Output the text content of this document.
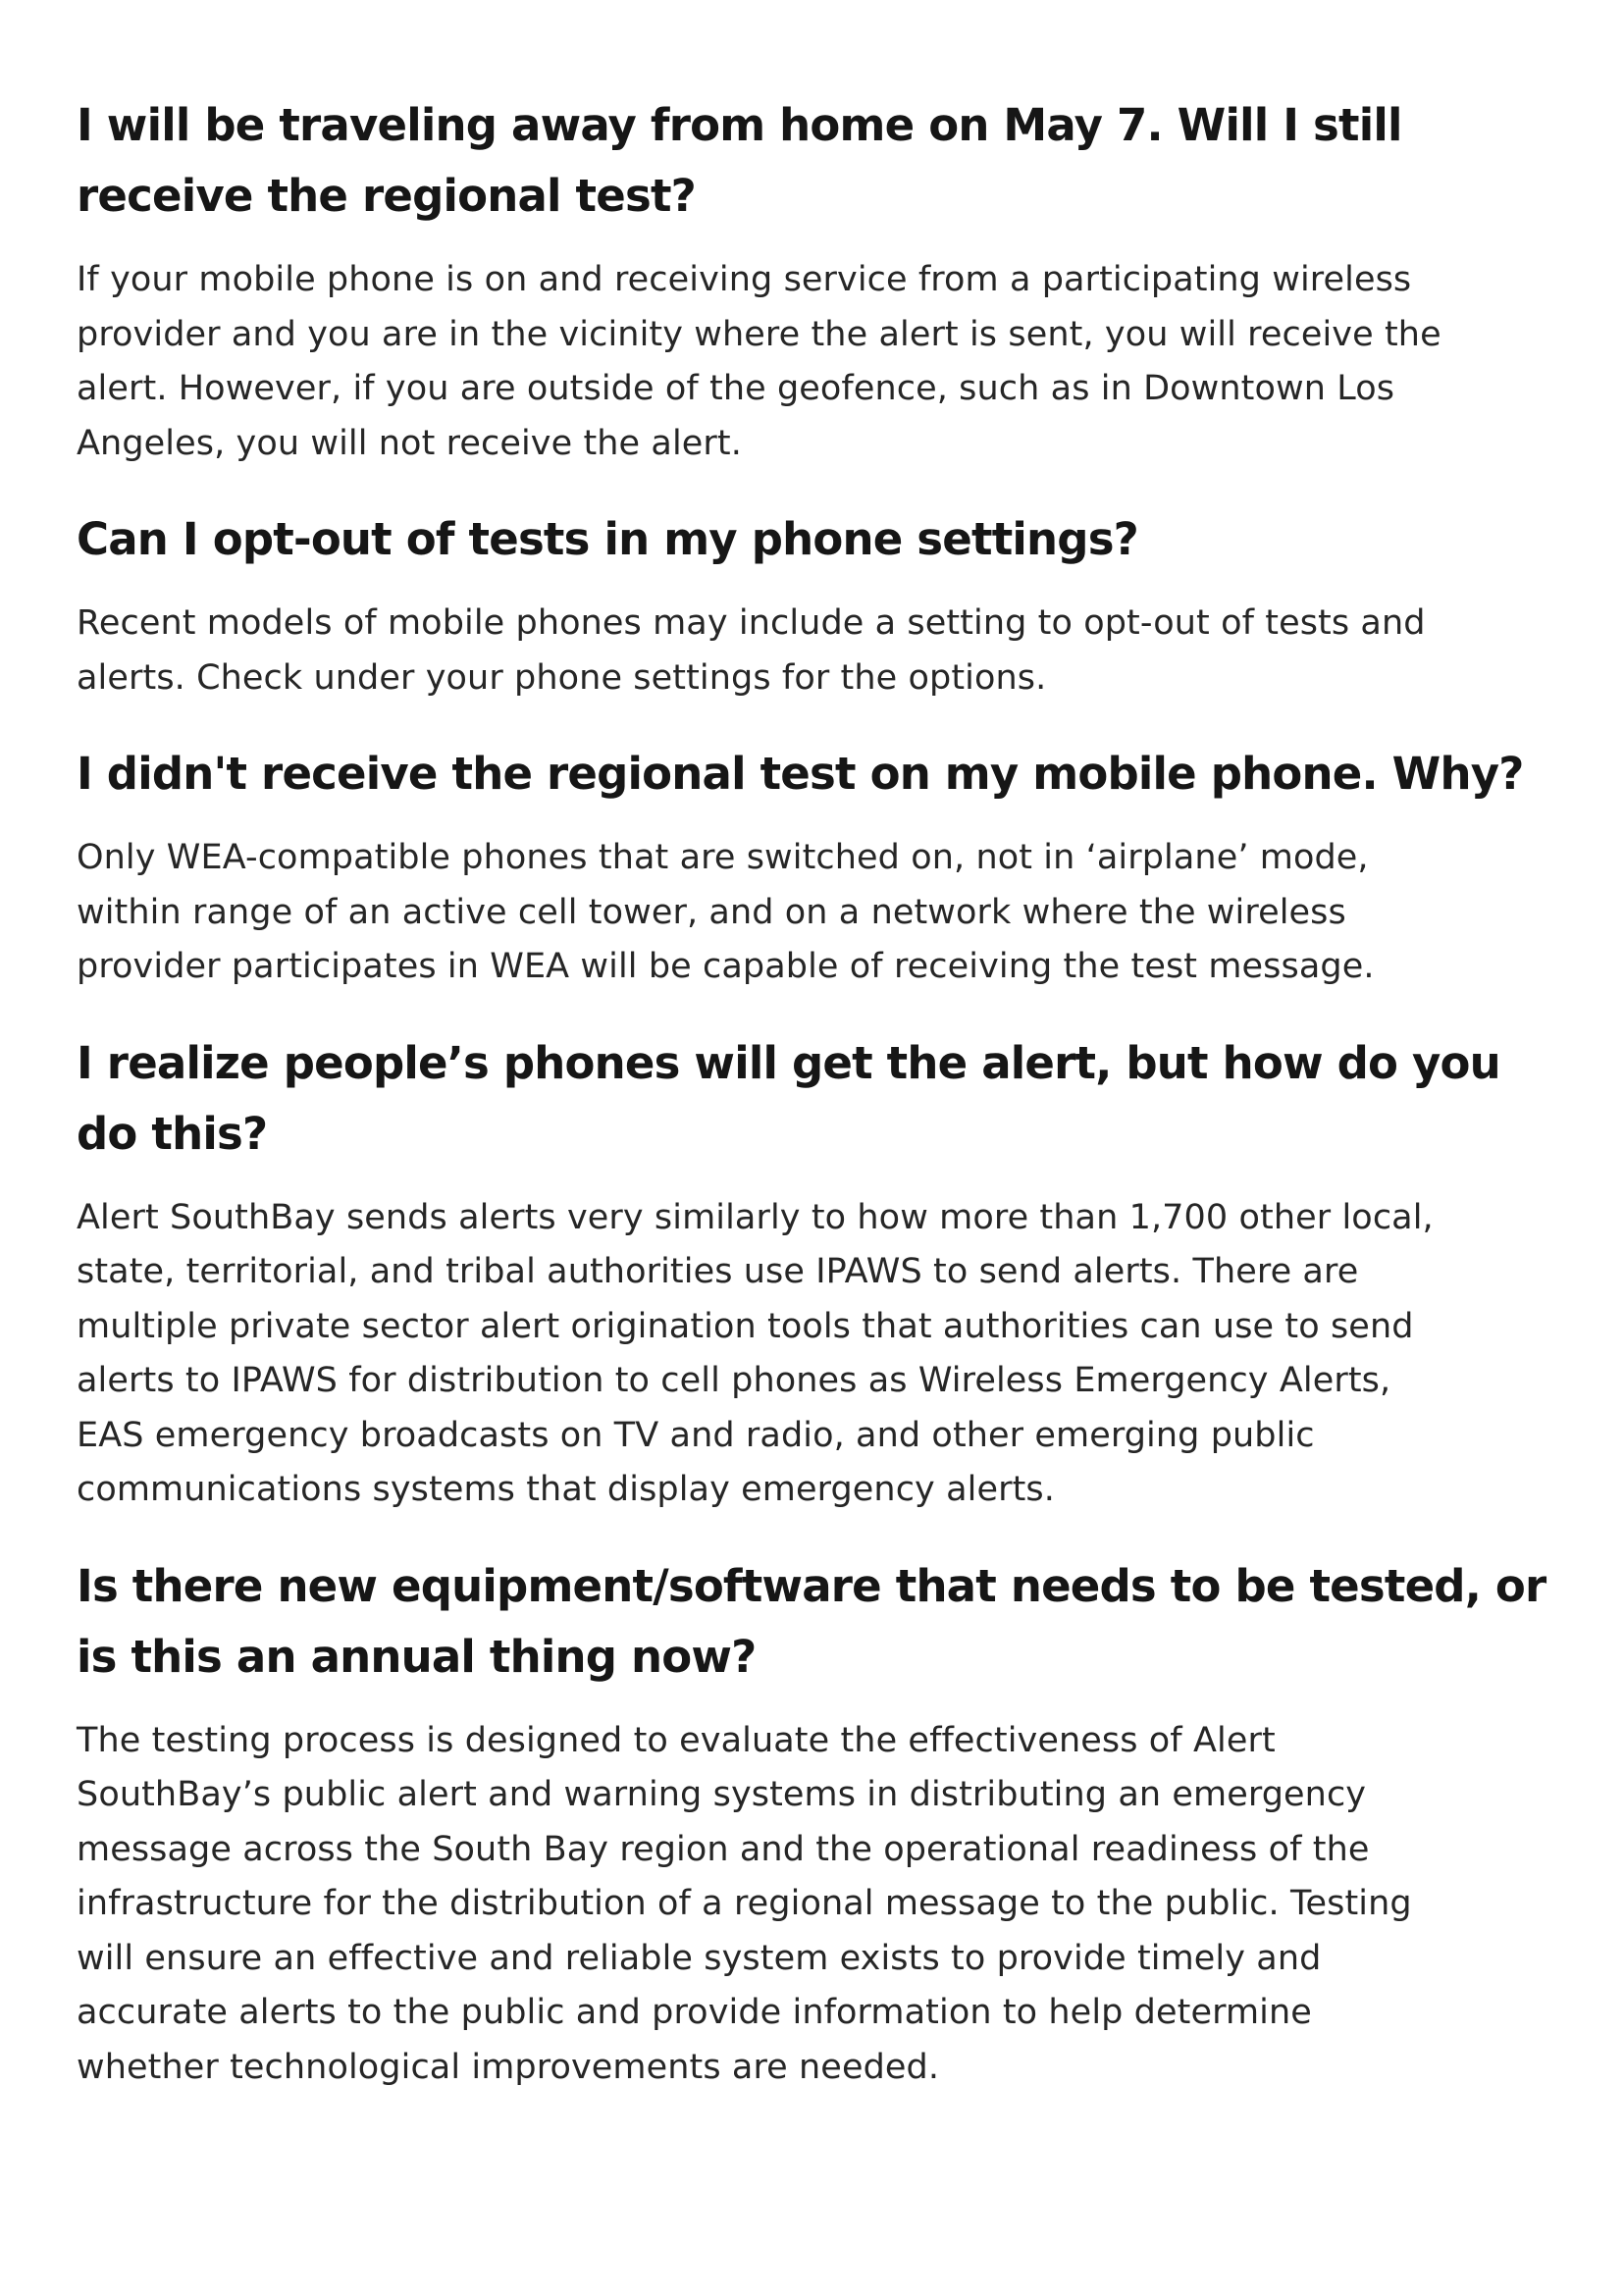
I will be traveling away from home on May 7. Will I still receive the regional test?

If your mobile phone is on and receiving service from a participating wireless
provider and you are in the vicinity where the alert is sent, you will receive the
alert. However, if you are outside of the geofence, such as in Downtown Los
Angeles, you will not receive the alert.

Can I opt-out of tests in my phone settings?

Recent models of mobile phones may include a setting to opt-out of tests and
alerts. Check under your phone settings for the options.

I didn't receive the regional test on my mobile phone. Why?

Only WEA-compatible phones that are switched on, not in ‘airplane’ mode,
within range of an active cell tower, and on a network where the wireless
provider participates in WEA will be capable of receiving the test message.

I realize people’s phones will get the alert, but how do you do this?

Alert SouthBay sends alerts very similarly to how more than 1,700 other local,
state, territorial, and tribal authorities use IPAWS to send alerts. There are
multiple private sector alert origination tools that authorities can use to send
alerts to IPAWS for distribution to cell phones as Wireless Emergency Alerts,
EAS emergency broadcasts on TV and radio, and other emerging public
communications systems that display emergency alerts.

Is there new equipment/software that needs to be tested, or is this an annual thing now?

The testing process is designed to evaluate the effectiveness of Alert
SouthBay’s public alert and warning systems in distributing an emergency
message across the South Bay region and the operational readiness of the
infrastructure for the distribution of a regional message to the public. Testing
will ensure an effective and reliable system exists to provide timely and
accurate alerts to the public and provide information to help determine
whether technological improvements are needed.
